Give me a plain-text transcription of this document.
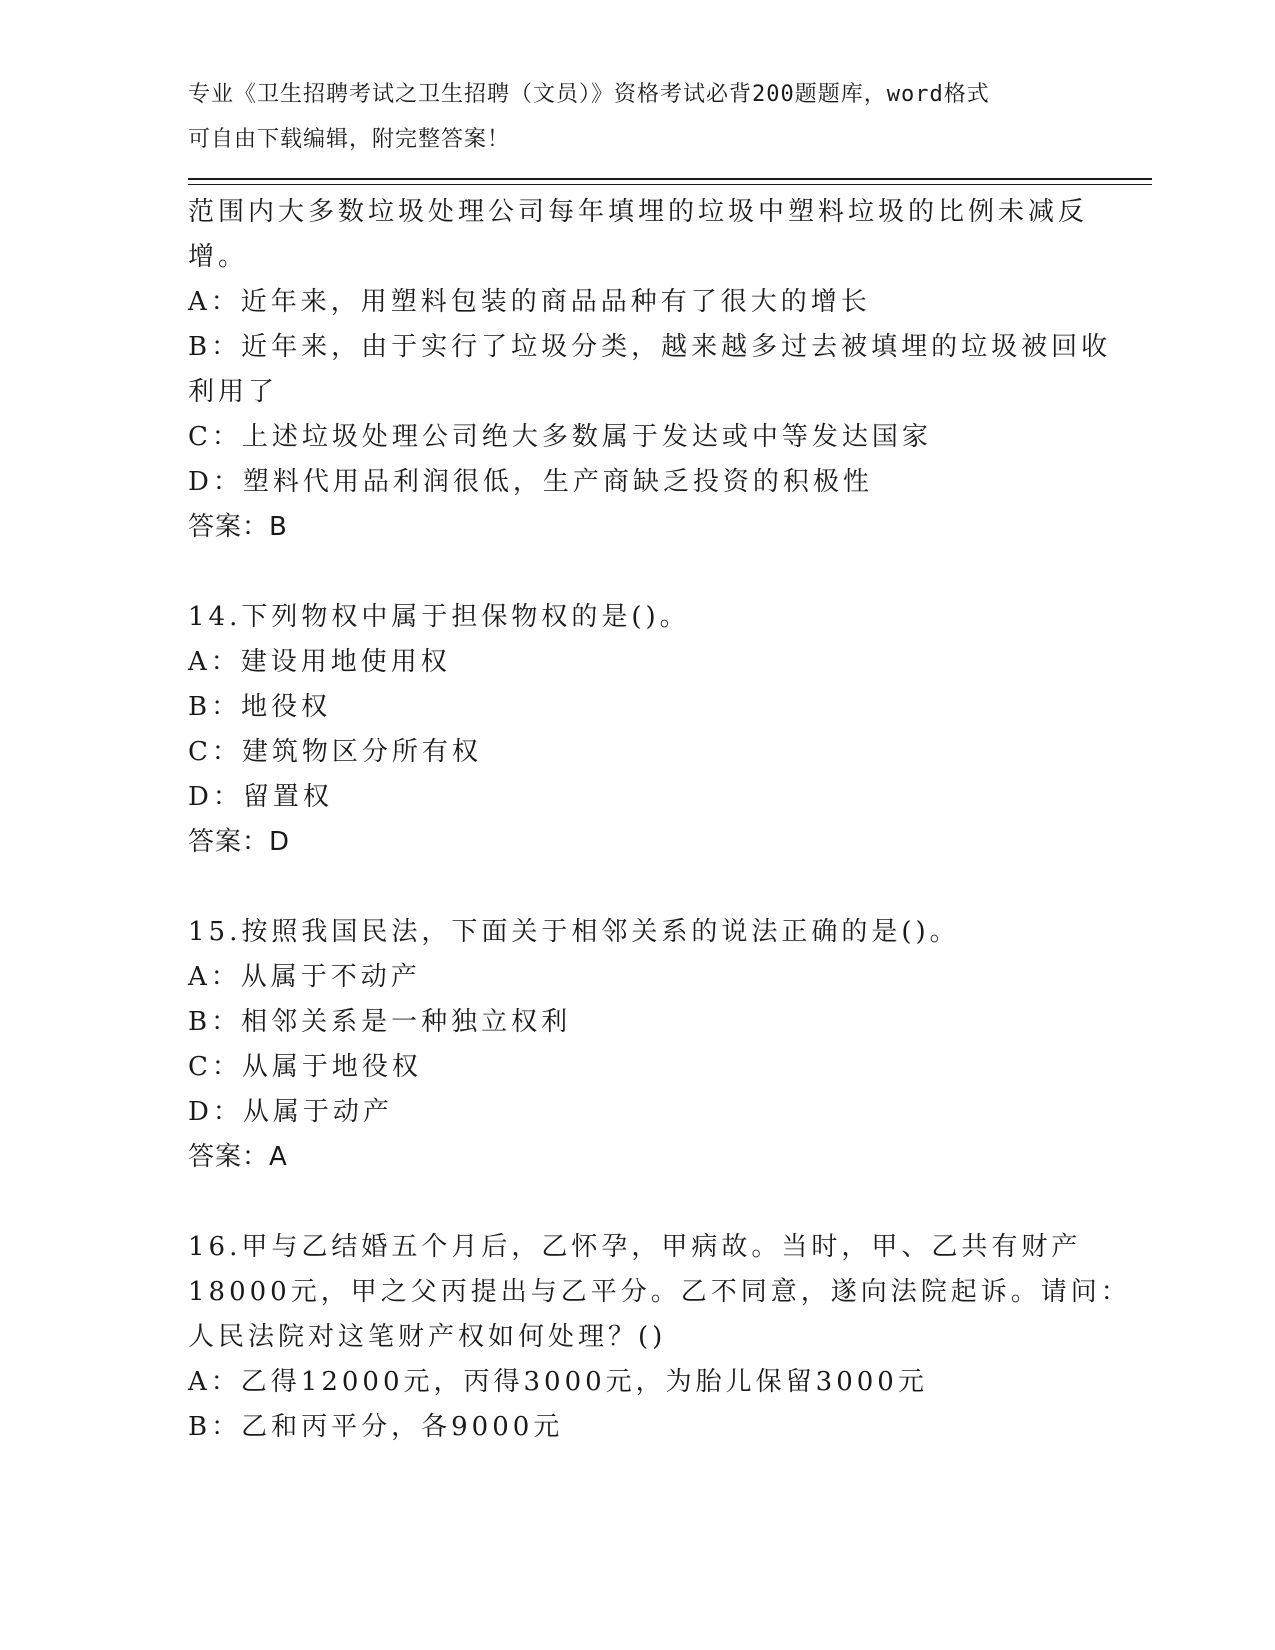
专业《卫生招聘考试之卫生招聘（文员）》资格考试必背200题题库，word格式
可自由下载编辑，附完整答案！
范围内大多数垃圾处理公司每年填埋的垃圾中塑料垃圾的比例未减反
增。
A：近年来，用塑料包装的商品品种有了很大的增长
B：近年来，由于实行了垃圾分类，越来越多过去被填埋的垃圾被回收
利用了
C：上述垃圾处理公司绝大多数属于发达或中等发达国家
D：塑料代用品利润很低，生产商缺乏投资的积极性
答案：B
14.下列物权中属于担保物权的是()。
A：建设用地使用权
B：地役权
C：建筑物区分所有权
D：留置权
答案：D
15.按照我国民法，下面关于相邻关系的说法正确的是()。
A：从属于不动产
B：相邻关系是一种独立权利
C：从属于地役权
D：从属于动产
答案：A
16.甲与乙结婚五个月后，乙怀孕，甲病故。当时，甲、乙共有财产
18000元，甲之父丙提出与乙平分。乙不同意，遂向法院起诉。请问：
人民法院对这笔财产权如何处理？()
A：乙得12000元，丙得3000元，为胎儿保留3000元
B：乙和丙平分，各9000元
